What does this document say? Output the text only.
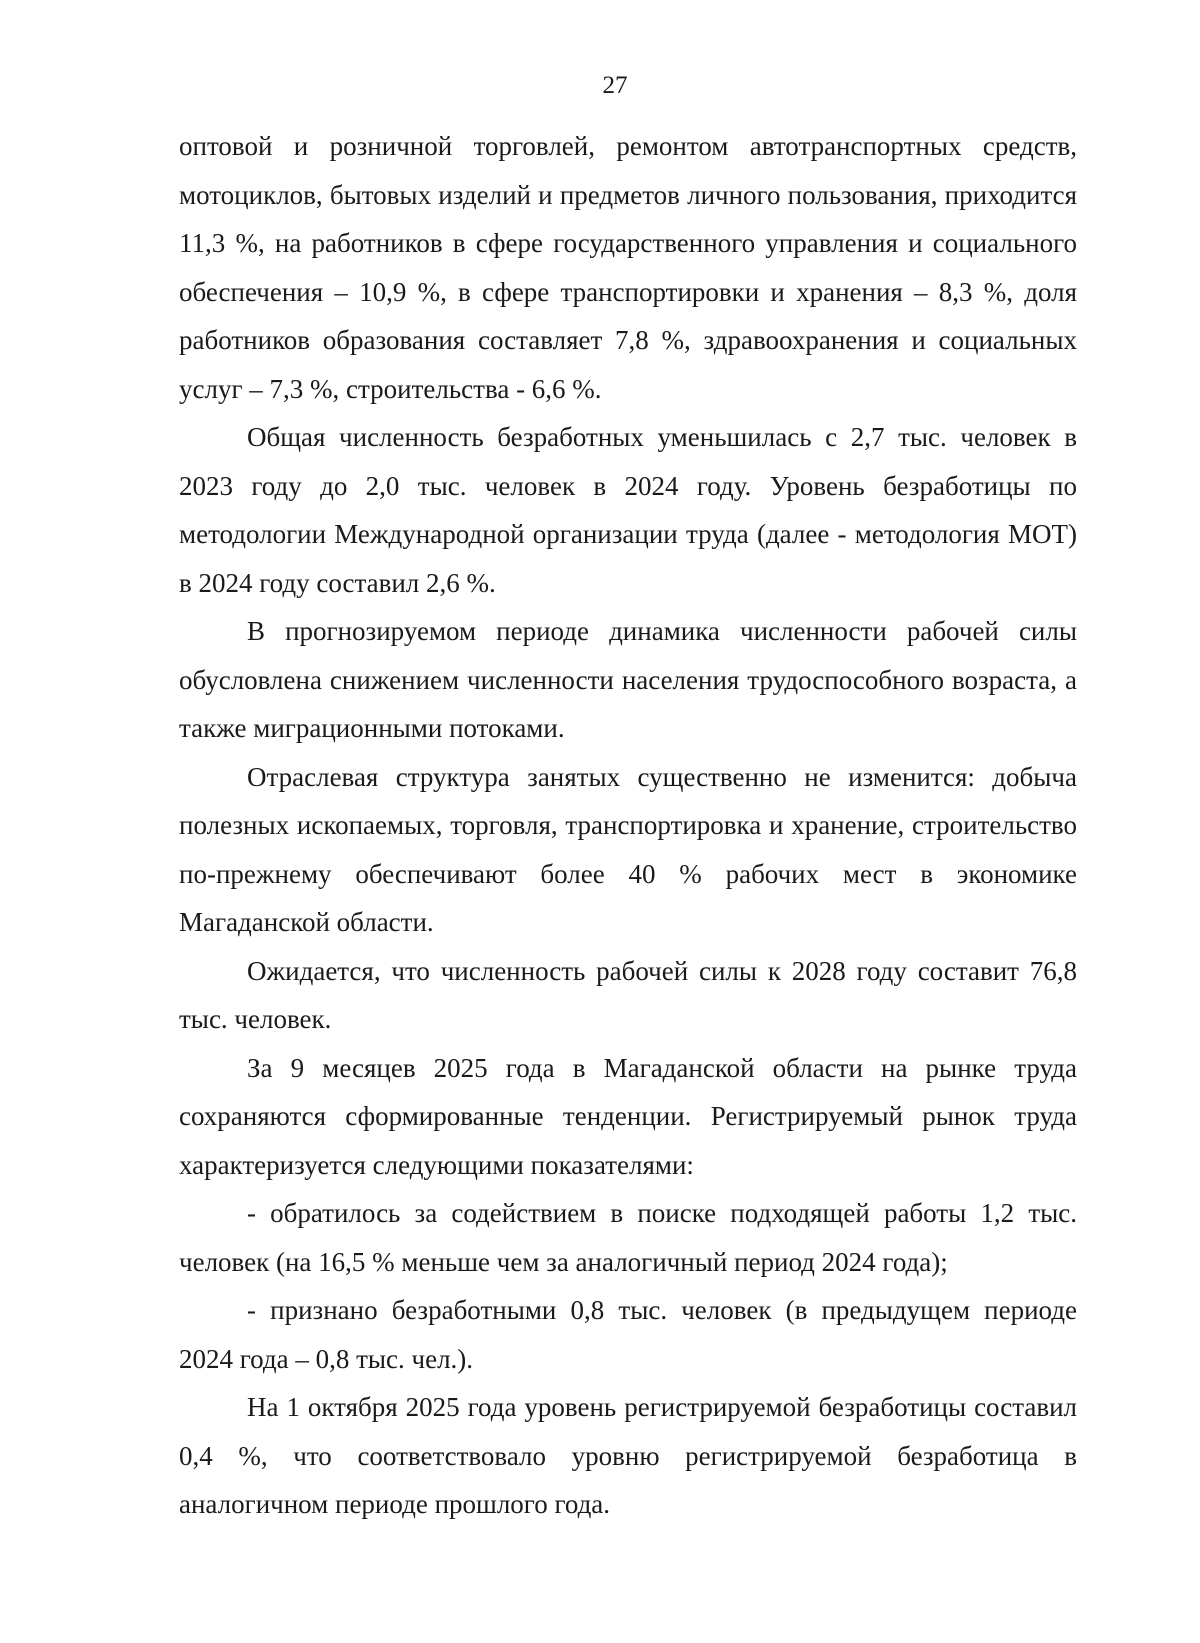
27

оптовой и розничной торговлей, ремонтом автотранспортных средств, мотоциклов, бытовых изделий и предметов личного пользования, приходится 11,3 %, на работников в сфере государственного управления и социального обеспечения – 10,9 %, в сфере транспортировки и хранения – 8,3 %, доля работников образования составляет 7,8 %, здравоохранения и социальных услуг – 7,3 %, строительства - 6,6 %.

Общая численность безработных уменьшилась с 2,7 тыс. человек в 2023 году до 2,0 тыс. человек в 2024 году. Уровень безработицы по методологии Международной организации труда (далее - методология МОТ) в 2024 году составил 2,6 %.

В прогнозируемом периоде динамика численности рабочей силы обусловлена снижением численности населения трудоспособного возраста, а также миграционными потоками.

Отраслевая структура занятых существенно не изменится: добыча полезных ископаемых, торговля, транспортировка и хранение, строительство по-прежнему обеспечивают более 40 % рабочих мест в экономике Магаданской области.

Ожидается, что численность рабочей силы к 2028 году составит 76,8 тыс. человек.

За 9 месяцев 2025 года в Магаданской области на рынке труда сохраняются сформированные тенденции. Регистрируемый рынок труда характеризуется следующими показателями:

- обратилось за содействием в поиске подходящей работы 1,2 тыс. человек (на 16,5 % меньше чем за аналогичный период 2024 года);

- признано безработными 0,8 тыс. человек (в предыдущем периоде 2024 года – 0,8 тыс. чел.).

На 1 октября 2025 года уровень регистрируемой безработицы составил 0,4 %, что соответствовало уровню регистрируемой безработица в аналогичном периоде прошлого года.
